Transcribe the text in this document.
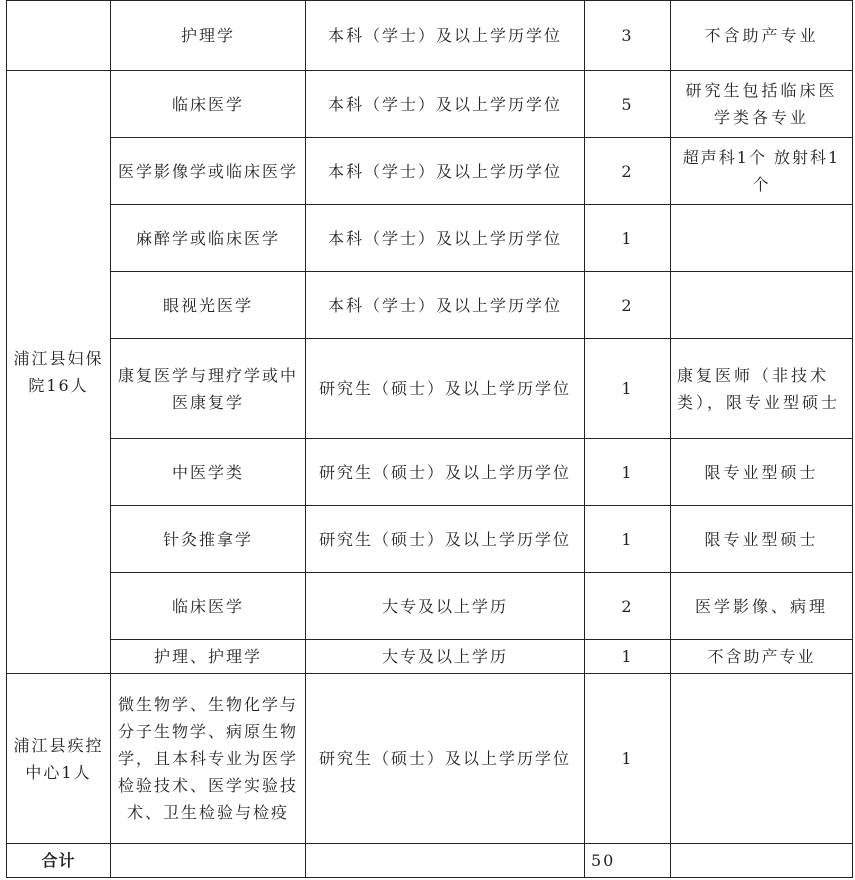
	护理学	本科（学士）及以上学历学位	3	不含助产专业
浦江县妇保院16人	临床医学	本科（学士）及以上学历学位	5	研究生包括临床医学类各专业
	医学影像学或临床医学	本科（学士）及以上学历学位	2	超声科1个 放射科1个
	麻醉学或临床医学	本科（学士）及以上学历学位	1	
	眼视光医学	本科（学士）及以上学历学位	2	
	康复医学与理疗学或中医康复学	研究生（硕士）及以上学历学位	1	康复医师（非技术类），限专业型硕士
	中医学类	研究生（硕士）及以上学历学位	1	限专业型硕士
	针灸推拿学	研究生（硕士）及以上学历学位	1	限专业型硕士
	临床医学	大专及以上学历	2	医学影像、病理
	护理、护理学	大专及以上学历	1	不含助产专业
浦江县疾控中心1人	微生物学、生物化学与分子生物学、病原生物学，且本科专业为医学检验技术、医学实验技术、卫生检验与检疫	研究生（硕士）及以上学历学位	1	
合计			50	
